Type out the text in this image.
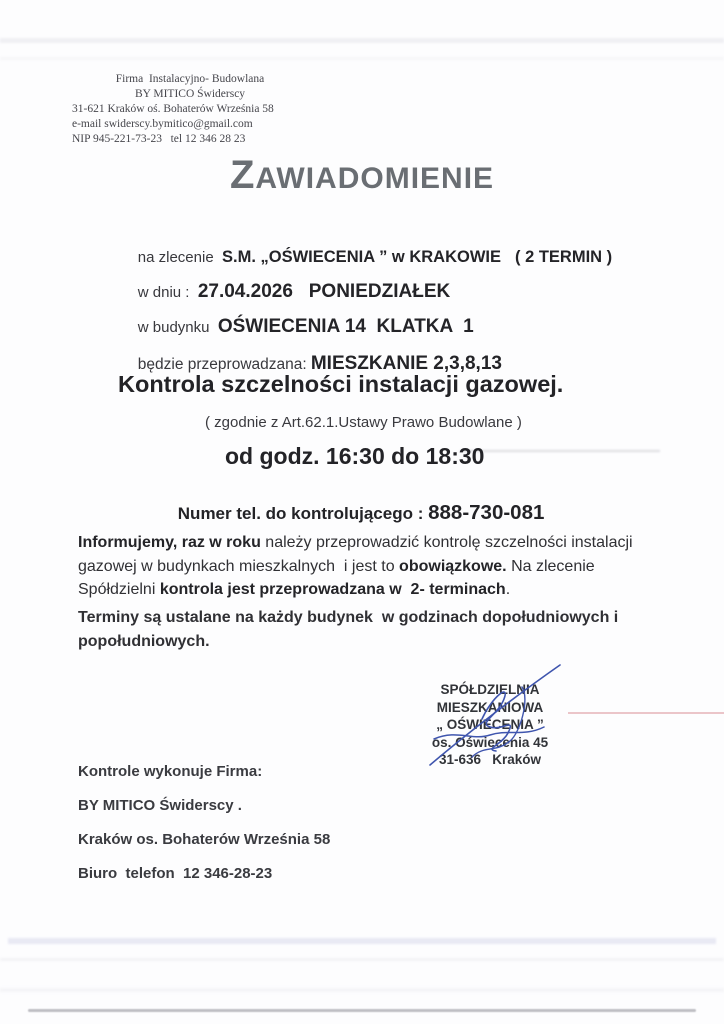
Firma  Instalacyjno- Budowlana
BY MITICO Świderscy
31-621 Kraków oś. Bohaterów Września 58
e-mail swiderscy.bymitico@gmail.com
NIP 945-221-73-23   tel 12 346 28 23
ZAWIADOMIENIE

na zlecenie S.M. „OŚWIECENIA ” w KRAKOWIE ( 2 TERMIN )

w dniu : 27.04.2026   PONIEDZIAŁEK

w budynku OŚWIECENIA 14  KLATKA  1

będzie przeprowadzana: MIESZKANIE 2,3,8,13

Kontrola szczelności instalacji gazowej.
( zgodnie z Art.62.1.Ustawy Prawo Budowlane )
od godz. 16:30 do 18:30

Numer tel. do kontrolującego : 888-730-081

Informujemy, raz w roku należy przeprowadzić kontrolę szczelności instalacji gazowej w budynkach mieszkalnych  i jest to obowiązkowe. Na zlecenie Spółdzielni kontrola jest przeprowadzana w  2- terminach.
Terminy są ustalane na każdy budynek  w godzinach dopołudniowych i popołudniowych.
SPÓŁDZIELNIA MIESZKANIOWA
„ OŚWIECENIA ”
os. Oświecenia 45
31-636   Kraków
Kontrole wykonuje Firma:
BY MITICO Świderscy .
Kraków os. Bohaterów Września 58
Biuro  telefon  12 346-28-23
